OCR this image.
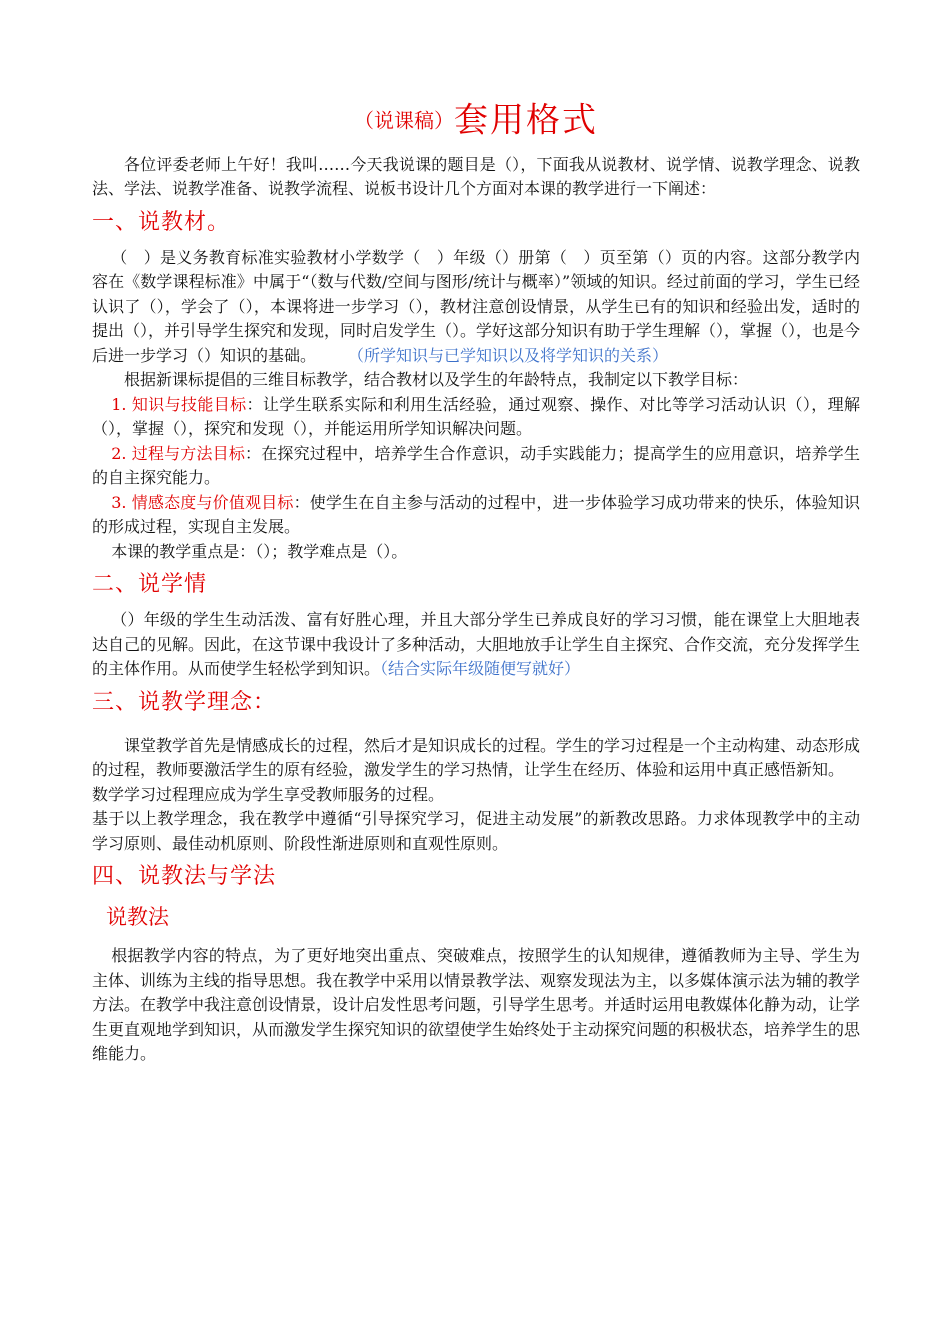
（说课稿）套用格式

各位评委老师上午好！我叫……今天我说课的题目是（），下面我从说教材、说学情、说教学理念、说教法、学法、说教学准备、说教学流程、说板书设计几个方面对本课的教学进行一下阐述：

一、说教材。

（　）是义务教育标准实验教材小学数学（　）年级（）册第（　）页至第（）页的内容。这部分教学内容在《数学课程标准》中属于“（数与代数/空间与图形/统计与概率）”领域的知识。经过前面的学习，学生已经认识了（），学会了（），本课将进一步学习（），教材注意创设情景，从学生已有的知识和经验出发，适时的提出（），并引导学生探究和发现，同时启发学生（）。学好这部分知识有助于学生理解（），掌握（），也是今后进一步学习（）知识的基础。　　　（所学知识与已学知识以及将学知识的关系）

根据新课标提倡的三维目标教学，结合教材以及学生的年龄特点，我制定以下教学目标：

1. 知识与技能目标：让学生联系实际和利用生活经验，通过观察、操作、对比等学习活动认识（），理解（），掌握（），探究和发现（），并能运用所学知识解决问题。

2. 过程与方法目标：在探究过程中，培养学生合作意识，动手实践能力；提高学生的应用意识，培养学生的自主探究能力。

3. 情感态度与价值观目标：使学生在自主参与活动的过程中，进一步体验学习成功带来的快乐，体验知识的形成过程，实现自主发展。

本课的教学重点是：（）；教学难点是（）。

二、说学情

（）年级的学生生动活泼、富有好胜心理，并且大部分学生已养成良好的学习习惯，能在课堂上大胆地表达自己的见解。因此，在这节课中我设计了多种活动，大胆地放手让学生自主探究、合作交流，充分发挥学生的主体作用。从而使学生轻松学到知识。（结合实际年级随便写就好）

三、说教学理念：

课堂教学首先是情感成长的过程，然后才是知识成长的过程。学生的学习过程是一个主动构建、动态形成的过程，教师要激活学生的原有经验，激发学生的学习热情，让学生在经历、体验和运用中真正感悟新知。

数学学习过程理应成为学生享受教师服务的过程。

基于以上教学理念，我在教学中遵循“引导探究学习，促进主动发展”的新教改思路。力求体现教学中的主动学习原则、最佳动机原则、阶段性渐进原则和直观性原则。

四、说教法与学法
说教法

根据教学内容的特点，为了更好地突出重点、突破难点，按照学生的认知规律，遵循教师为主导、学生为主体、训练为主线的指导思想。我在教学中采用以情景教学法、观察发现法为主，以多媒体演示法为辅的教学方法。在教学中我注意创设情景，设计启发性思考问题，引导学生思考。并适时运用电教媒体化静为动，让学生更直观地学到知识，从而激发学生探究知识的欲望使学生始终处于主动探究问题的积极状态，培养学生的思维能力。
